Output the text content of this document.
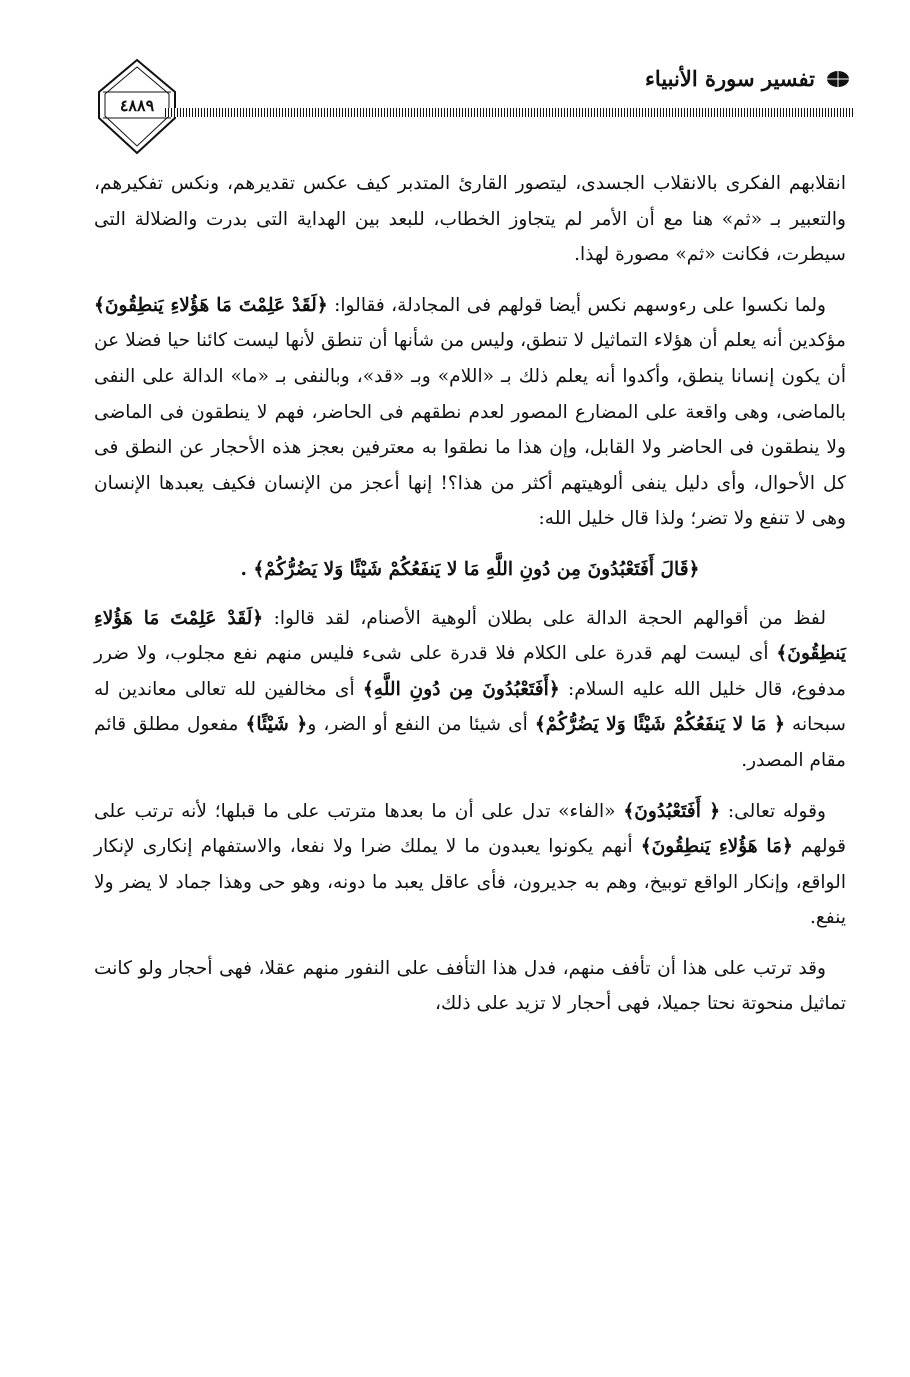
٤٨٨٩
تفسير سورة الأنبياء

انقلابهم الفكرى بالانقلاب الجسدى، ليتصور القارئ المتدبر كيف عكس تقديرهم، ونكس تفكيرهم، والتعبير بـ «ثم» هنا مع أن الأمر لم يتجاوز الخطاب، للبعد بين الهداية التى بدرت والضلالة التى سيطرت، فكانت «ثم» مصورة لهذا.

ولما نكسوا على رءوسهم نكس أيضا قولهم فى المجادلة، فقالوا: ﴿لَقَدْ عَلِمْتَ مَا هَؤُلاءِ يَنطِقُونَ﴾ مؤكدين أنه يعلم أن هؤلاء التماثيل لا تنطق، وليس من شأنها أن تنطق لأنها ليست كائنا حيا فضلا عن أن يكون إنسانا ينطق، وأكدوا أنه يعلم ذلك بـ «اللام» وبـ «قد»، وبالنفى بـ «ما» الدالة على النفى بالماضى، وهى واقعة على المضارع المصور لعدم نطقهم فى الحاضر، فهم لا ينطقون فى الماضى ولا ينطقون فى الحاضر ولا القابل، وإن هذا ما نطقوا به معترفين بعجز هذه الأحجار عن النطق فى كل الأحوال، وأى دليل ينفى ألوهيتهم أكثر من هذا؟! إنها أعجز من الإنسان فكيف يعبدها الإنسان وهى لا تنفع ولا تضر؛ ولذا قال خليل الله:

﴿قَالَ أَفَتَعْبُدُونَ مِن دُونِ اللَّهِ مَا لا يَنفَعُكُمْ شَيْئًا وَلا يَضُرُّكُمْ﴾ .

لفظ من أقوالهم الحجة الدالة على بطلان ألوهية الأصنام، لقد قالوا: ﴿لَقَدْ عَلِمْتَ مَا هَؤُلاءِ يَنطِقُونَ﴾ أى ليست لهم قدرة على الكلام فلا قدرة على شىء فليس منهم نفع مجلوب، ولا ضرر مدفوع، قال خليل الله عليه السلام: ﴿أَفَتَعْبُدُونَ مِن دُونِ اللَّهِ﴾ أى مخالفين لله تعالى معاندين له سبحانه ﴿ مَا لا يَنفَعُكُمْ شَيْئًا وَلا يَضُرُّكُمْ﴾ أى شيئا من النفع أو الضر، و﴿ شَيْئًا﴾ مفعول مطلق قائم مقام المصدر.

وقوله تعالى: ﴿ أَفَتَعْبُدُونَ﴾ «الفاء» تدل على أن ما بعدها مترتب على ما قبلها؛ لأنه ترتب على قولهم ﴿مَا هَؤُلاءِ يَنطِقُونَ﴾ أنهم يكونوا يعبدون ما لا يملك ضرا ولا نفعا، والاستفهام إنكارى لإنكار الواقع، وإنكار الواقع توبيخ، وهم به جديرون، فأى عاقل يعبد ما دونه، وهو حى وهذا جماد لا يضر ولا ينفع.

وقد ترتب على هذا أن تأفف منهم، فدل هذا التأفف على النفور منهم عقلا، فهى أحجار ولو كانت تماثيل منحوتة نحتا جميلا، فهى أحجار لا تزيد على ذلك،
